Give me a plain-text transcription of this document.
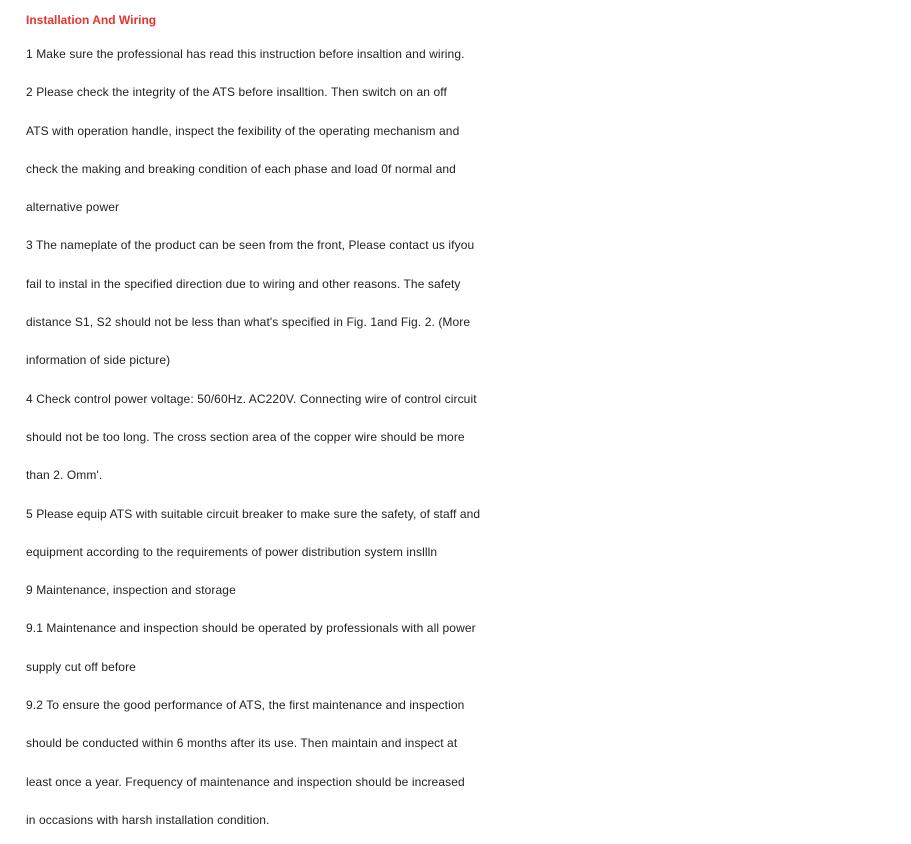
Installation And Wiring
1 Make sure the professional has read this instruction before insaltion and wiring.
2 Please check the integrity of the ATS before insalltion. Then switch on an off
ATS with operation handle, inspect the fexibility of the operating mechanism and
check the making and breaking condition of each phase and load 0f normal and
alternative power
3 The nameplate of the product can be seen from the front, Please contact us ifyou
fail to instal in the specified direction due to wiring and other reasons. The safety
distance S1, S2 should not be less than what's specified in Fig. 1and Fig. 2. (More
information of side picture)
4 Check control power voltage: 50/60Hz. AC220V. Connecting wire of control circuit
should not be too long. The cross section area of the copper wire should be more
than 2. Omm'.
5 Please equip ATS with suitable circuit breaker to make sure the safety, of staff and
equipment according to the requirements of power distribution system insllln
9 Maintenance, inspection and storage
9.1 Maintenance and inspection should be operated by professionals with all power
supply cut off before
9.2 To ensure the good performance of ATS, the first maintenance and inspection
should be conducted within 6 months after its use. Then maintain and inspect at
least once a year. Frequency of maintenance and inspection should be increased
in occasions with harsh installation condition.
